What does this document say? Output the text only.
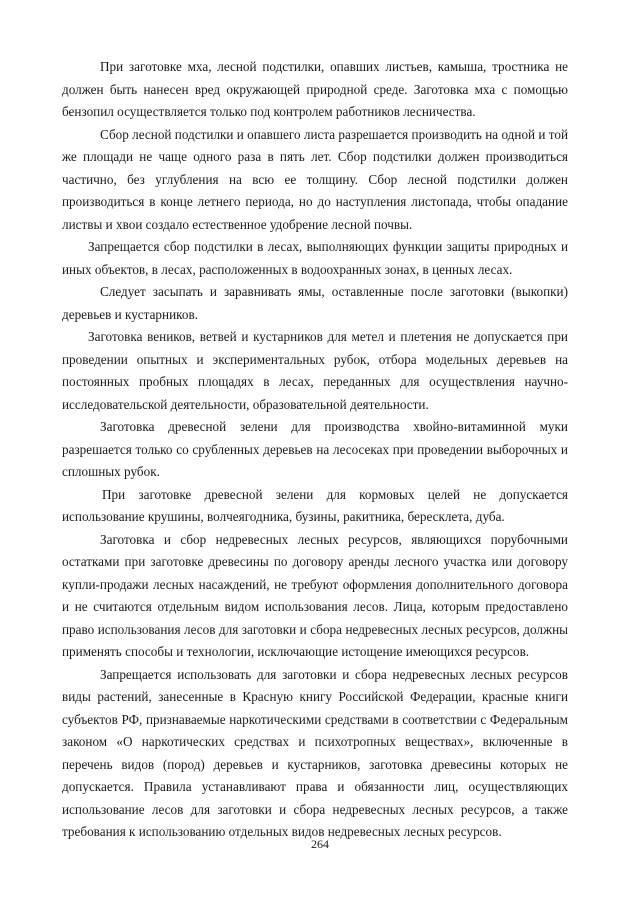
При заготовке мха, лесной подстилки, опавших листьев, камыша, тростника не должен быть нанесен вред окружающей природной среде. Заготовка мха с помощью бензопил осуществляется только под контролем работников лесничества.

Сбор лесной подстилки и опавшего листа разрешается производить на одной и той же площади не чаще одного раза в пять лет. Сбор подстилки должен производиться частично, без углубления на всю ее толщину. Сбор лесной подстилки должен производиться в конце летнего периода, но до наступления листопада, чтобы опадание листвы и хвои создало естественное удобрение лесной почвы.

Запрещается сбор подстилки в лесах, выполняющих функции защиты природных и иных объектов, в лесах, расположенных в водоохранных зонах, в ценных лесах.

Следует засыпать и заравнивать ямы, оставленные после заготовки (выкопки) деревьев и кустарников.

Заготовка веников, ветвей и кустарников для метел и плетения не допускается при проведении опытных и экспериментальных рубок, отбора модельных деревьев на постоянных пробных площадях в лесах, переданных для осуществления научно-исследовательской деятельности, образовательной деятельности.

Заготовка древесной зелени для производства хвойно-витаминной муки разрешается только со срубленных деревьев на лесосеках при проведении выборочных и сплошных рубок.

При заготовке древесной зелени для кормовых целей не допускается использование крушины, волчеягодника, бузины, ракитника, бересклета, дуба.

Заготовка и сбор недревесных лесных ресурсов, являющихся порубочными остатками при заготовке древесины по договору аренды лесного участка или договору купли-продажи лесных насаждений, не требуют оформления дополнительного договора и не считаются отдельным видом использования лесов. Лица, которым предоставлено право использования лесов для заготовки и сбора недревесных лесных ресурсов, должны применять способы и технологии, исключающие истощение имеющихся ресурсов.

Запрещается использовать для заготовки и сбора недревесных лесных ресурсов виды растений, занесенные в Красную книгу Российской Федерации, красные книги субъектов РФ, признаваемые наркотическими средствами в соответствии с Федеральным законом «О наркотических средствах и психотропных веществах», включенные в перечень видов (пород) деревьев и кустарников, заготовка древесины которых не допускается. Правила устанавливают права и обязанности лиц, осуществляющих использование лесов для заготовки и сбора недревесных лесных ресурсов, а также требования к использованию отдельных видов недревесных лесных ресурсов.

264
